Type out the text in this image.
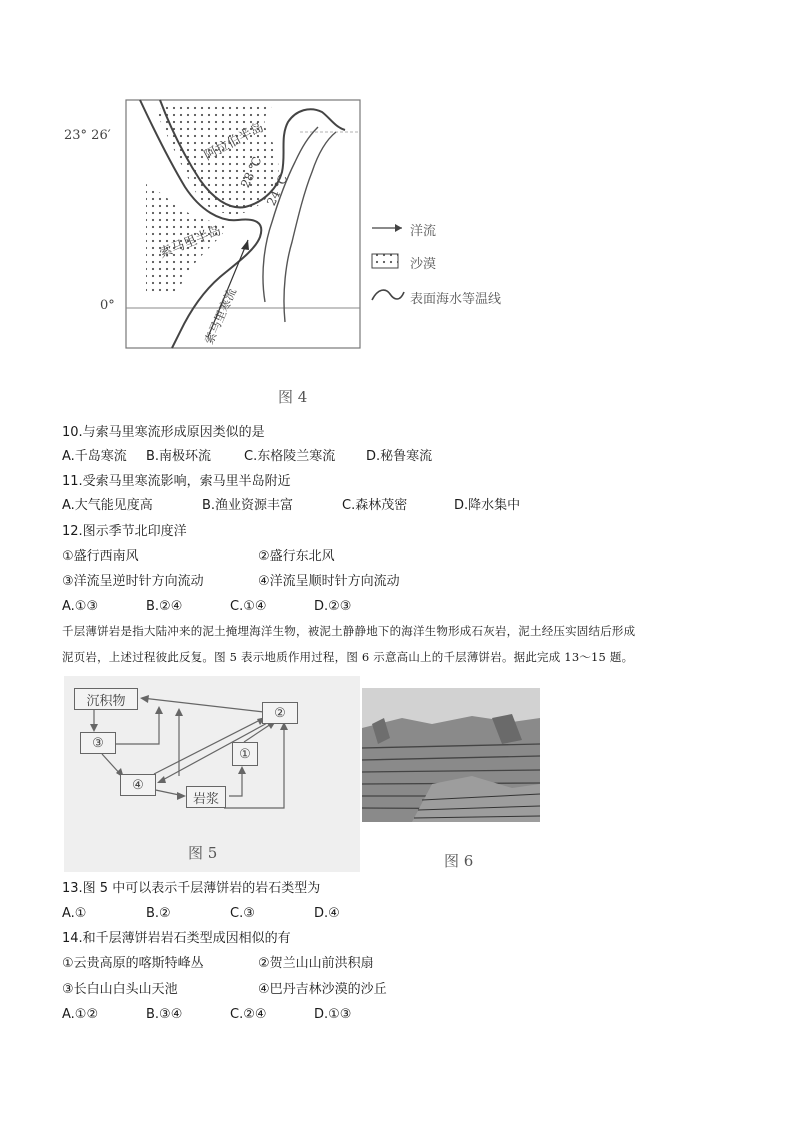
23° 26′
0°
阿拉伯半岛
索马里半岛
28 ℃
24 ℃
索马里寒流
洋流
沙漠
表面海水等温线
图 4
10.与索马里寒流形成原因类似的是
A.千岛寒流 B.南极环流	C.东格陵兰寒流 D.秘鲁寒流
11.受索马里寒流影响，索马里半岛附近
A.大气能见度高	B.渔业资源丰富	C.森林茂密	D.降水集中
12.图示季节北印度洋
①盛行西南风	②盛行东北风
③洋流呈逆时针方向流动	④洋流呈顺时针方向流动
A.①③	B.②④	C.①④	D.②③
千层薄饼岩是指大陆冲来的泥土掩埋海洋生物，被泥土静静地下的海洋生物形成石灰岩，泥土经压实固结后形成
泥页岩，上述过程彼此反复。图 5 表示地质作用过程，图 6 示意高山上的千层薄饼岩。据此完成 13～15 题。
沉积物
①
②
③
④
岩浆
图 5	图 6
13.图 5 中可以表示千层薄饼岩的岩石类型为
A.①	B.②	C.③	D.④
14.和千层薄饼岩岩石类型成因相似的有
①云贵高原的喀斯特峰丛	②贺兰山山前洪积扇
③长白山白头山天池	④巴丹吉林沙漠的沙丘
A.①②	B.③④	C.②④	D.①③
